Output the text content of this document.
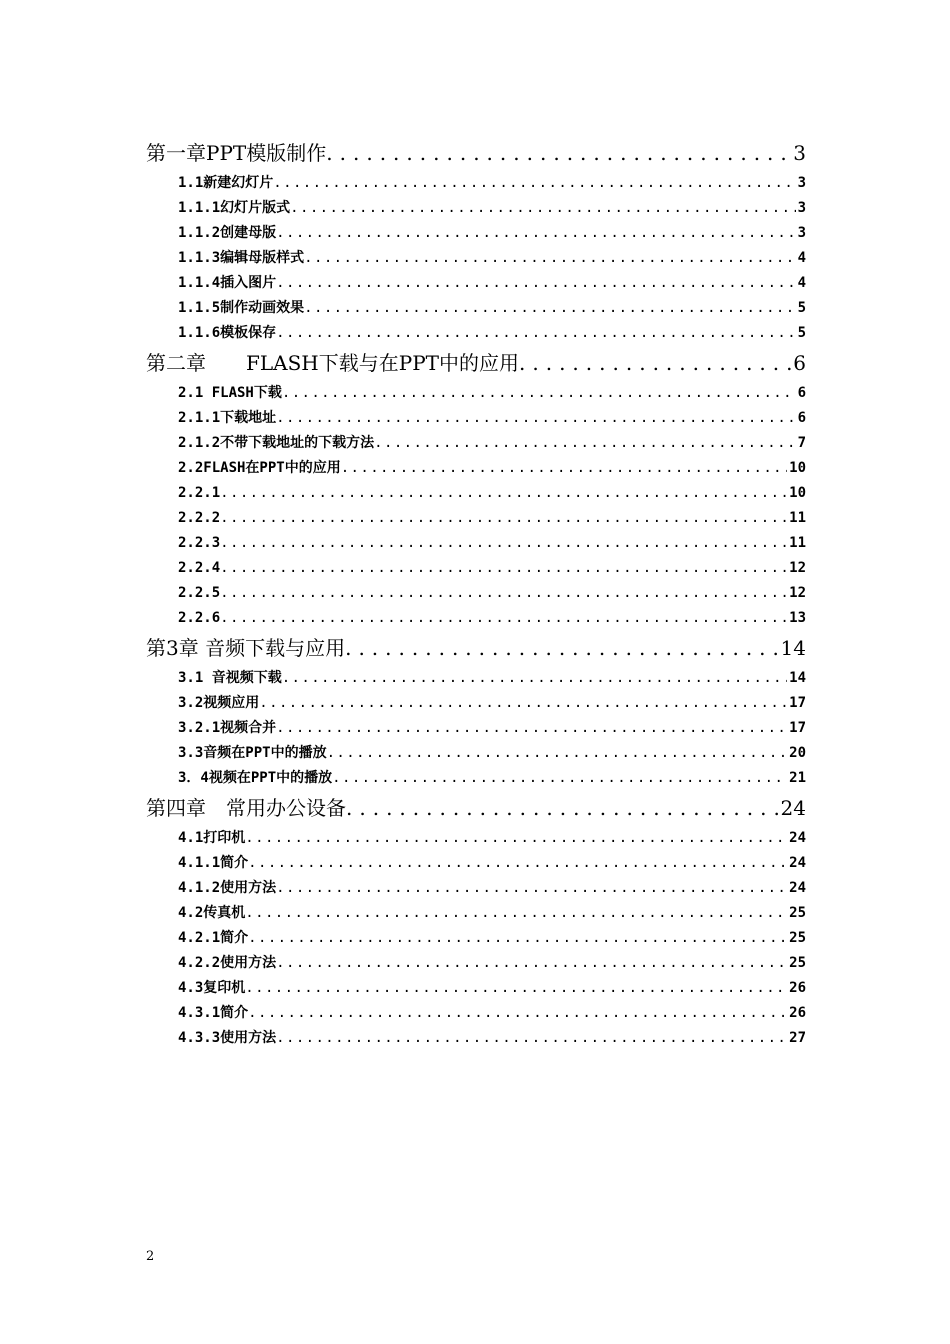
第一章PPT模版制作 .....	3
1.1新建幻灯片 .....	3
1.1.1幻灯片版式 .....	3
1.1.2创建母版 .....	3
1.1.3编辑母版样式 .....	4
1.1.4插入图片 .....	4
1.1.5制作动画效果 .....	5
1.1.6模板保存 .....	5
第二章　　FLASH下载与在PPT中的应用 .....	6
2.1 FLASH下载 .....	6
2.1.1下载地址 .....	6
2.1.2不带下载地址的下载方法 .....	7
2.2FLASH在PPT中的应用 .....	10
2.2.1 .....	10
2.2.2 .....	11
2.2.3 .....	11
2.2.4 .....	12
2.2.5 .....	12
2.2.6 .....	13
第3章 音频下载与应用 .....	14
3.1 音视频下载 .....	14
3.2视频应用 .....	17
3.2.1视频合并 .....	17
3.3音频在PPT中的播放 .....	20
3．4视频在PPT中的播放 .....	21
第四章　常用办公设备 .....	24
4.1打印机 .....	24
4.1.1简介 .....	24
4.1.2使用方法 .....	24
4.2传真机 .....	25
4.2.1简介 .....	25
4.2.2使用方法 .....	25
4.3复印机 .....	26
4.3.1简介 .....	26
4.3.3使用方法 .....	27
2
